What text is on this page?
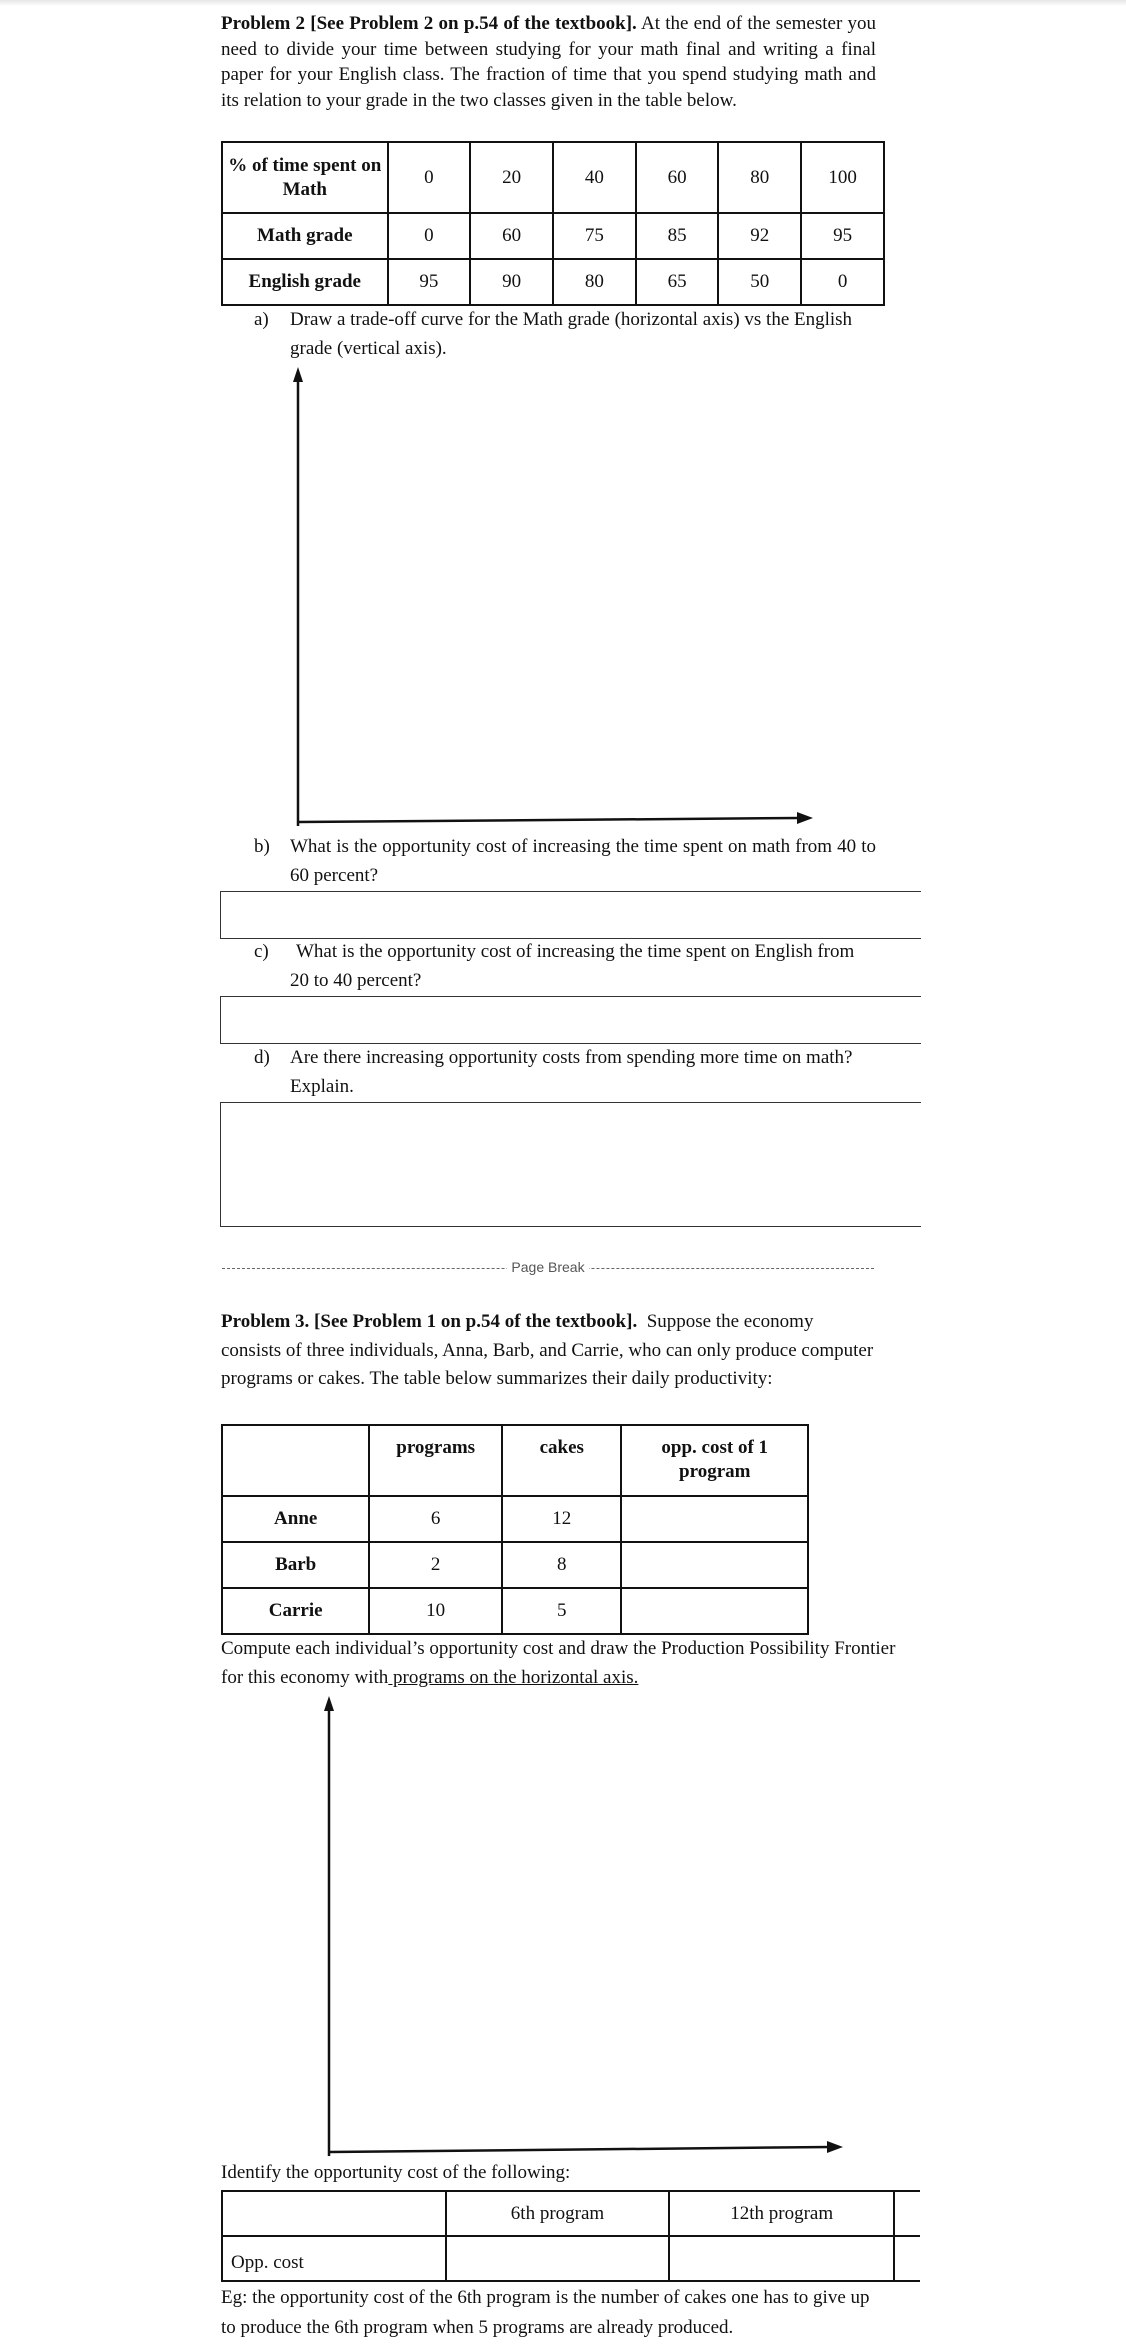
Problem 2 [See Problem 2 on p.54 of the textbook]. At the end of the semester you need to divide your time between studying for your math final and writing a final paper for your English class. The fraction of time that you spend studying math and its relation to your grade in the two classes given in the table below.

% of time spent on Math	0	20	40	60	80	100
Math grade	0	60	75	85	92	95
English grade	95	90	80	65	50	0
a) Draw a trade-off curve for the Math grade (horizontal axis) vs the English grade (vertical axis).
b) What is the opportunity cost of increasing the time spent on math from 40 to 60 percent?
c) What is the opportunity cost of increasing the time spent on English from 20 to 40 percent?
d) Are there increasing opportunity costs from spending more time on math? Explain.
Page Break

Problem 3. [See Problem 1 on p.54 of the textbook]. Suppose the economy consists of three individuals, Anna, Barb, and Carrie, who can only produce computer programs or cakes. The table below summarizes their daily productivity:

	programs	cakes	opp. cost of 1 program
Anne	6	12	
Barb	2	8	
Carrie	10	5	

Compute each individual’s opportunity cost and draw the Production Possibility Frontier for this economy with programs on the horizontal axis.

Identify the opportunity cost of the following:

	6th program	12th program	
Opp. cost			

Eg: the opportunity cost of the 6th program is the number of cakes one has to give up to produce the 6th program when 5 programs are already produced.
